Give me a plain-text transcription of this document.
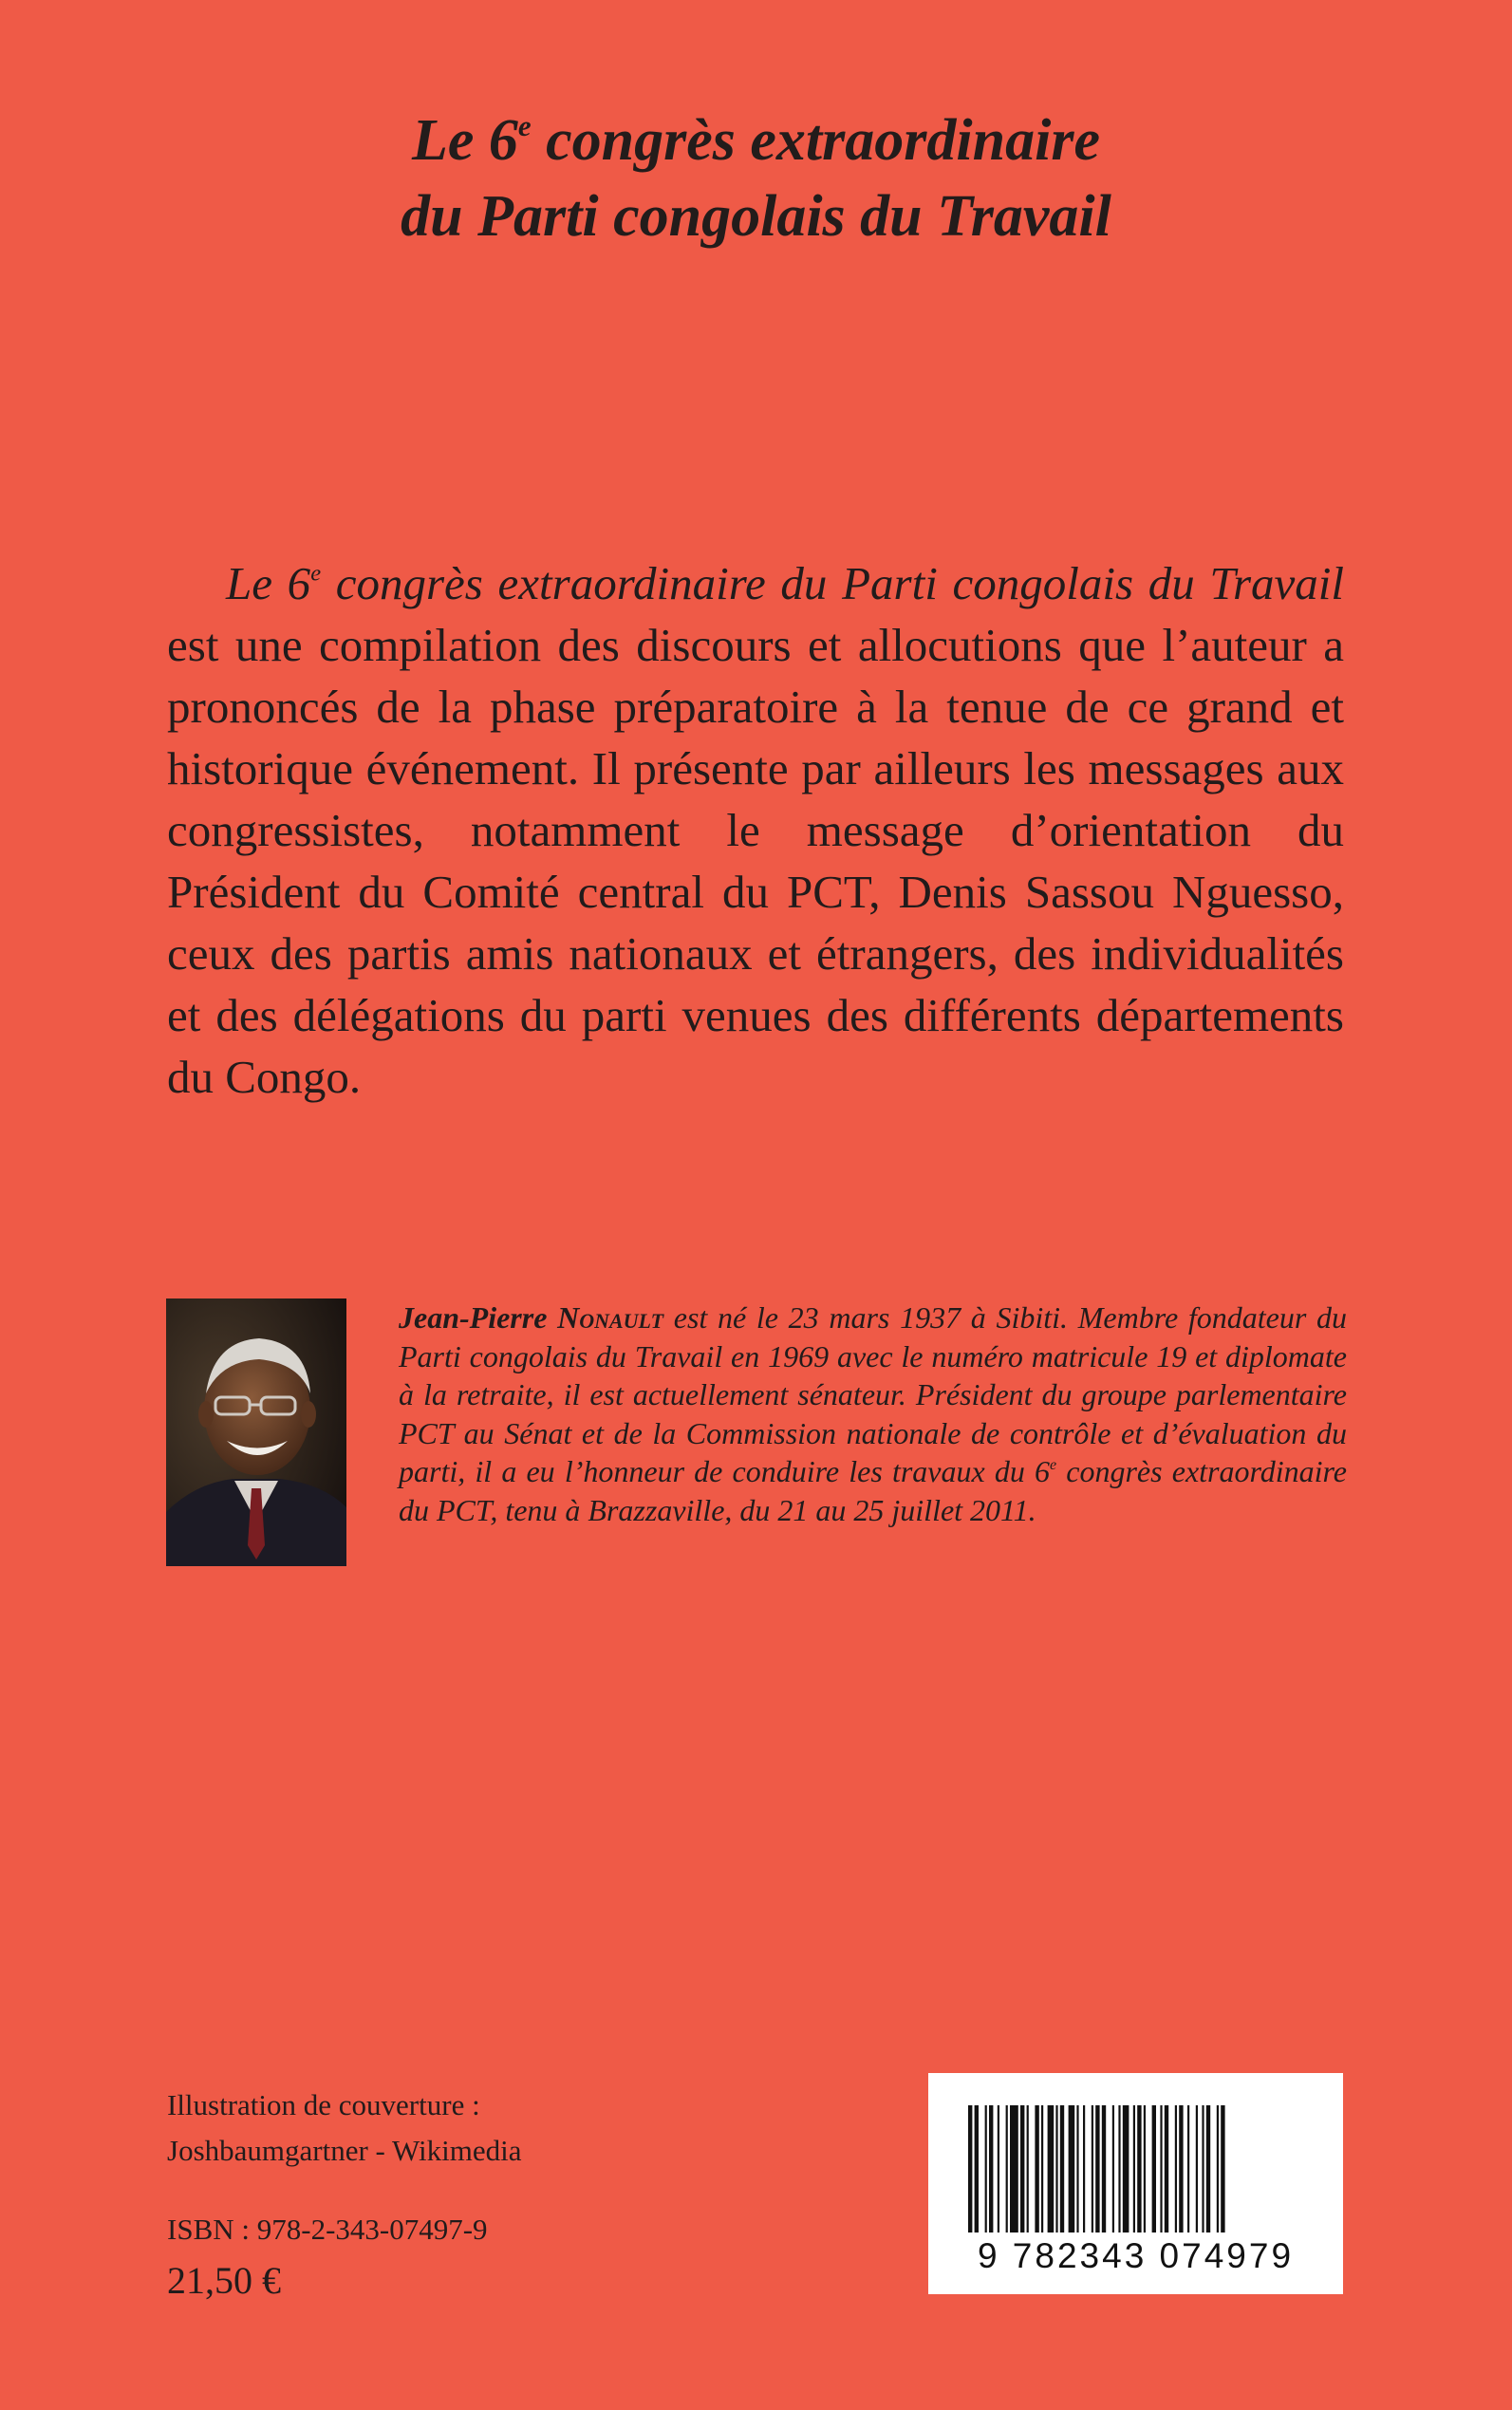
Le 6e congrès extraordinaire
du Parti congolais du Travail

Le 6e congrès extraordinaire du Parti congolais du Travail est une compilation des discours et allocutions que l’auteur a prononcés de la phase préparatoire à la tenue de ce grand et historique événement. Il présente par ailleurs les messages aux congressistes, notamment le message d’orientation du Président du Comité central du PCT, Denis Sassou Nguesso, ceux des partis amis nationaux et étrangers, des individualités et des délégations du parti venues des différents départements du Congo.

Jean-Pierre Nonault est né le 23 mars 1937 à Sibiti. Membre fondateur du Parti congolais du Travail en 1969 avec le numéro matricule 19 et diplomate à la retraite, il est actuellement sénateur. Président du groupe parlementaire PCT au Sénat et de la Commission nationale de contrôle et d’évaluation du parti, il a eu l’honneur de conduire les travaux du 6e congrès extraordinaire du PCT, tenu à Brazzaville, du 21 au 25 juillet 2011.
Illustration de couverture :
Joshbaumgartner - Wikimedia
ISBN : 978-2-343-07497-9
21,50 €
9 782343 074979
